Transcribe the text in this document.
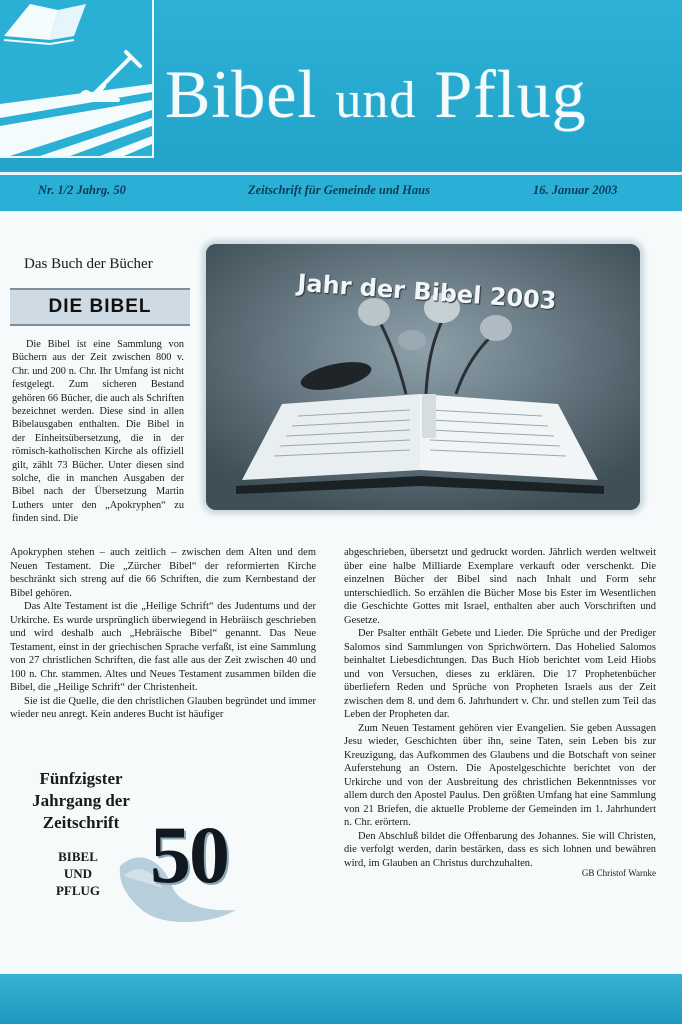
Bibel und Pflug
Nr. 1/2 Jahrg. 50	Zeitschrift für Gemeinde und Haus	16. Januar 2003
Das Buch der Bücher
DIE BIBEL

Die Bibel ist eine Sammlung von Büchern aus der Zeit zwischen 800 v. Chr. und 200 n. Chr. Ihr Umfang ist nicht festgelegt. Zum sicheren Bestand gehören 66 Bücher, die auch als Schriften bezeichnet werden. Diese sind in allen Bibelausgaben enthalten. Die Bibel in der Einheitsübersetzung, die in der römisch-katholischen Kirche als offiziell gilt, zählt 73 Bücher. Unter diesen sind solche, die in manchen Ausgaben der Bibel nach der Übersetzung Martin Luthers unter den „Apokryphen“ zu finden sind. Die

Jahr der Bibel 2003

Apokryphen stehen – auch zeitlich – zwischen dem Alten und dem Neuen Testament. Die „Zürcher Bibel“ der reformierten Kirche beschränkt sich streng auf die 66 Schriften, die zum Kernbestand der Bibel gehören.

Das Alte Testament ist die „Heilige Schrift“ des Judentums und der Urkirche. Es wurde ursprünglich überwiegend in Hebräisch geschrieben und wird deshalb auch „Hebräische Bibel“ genannt. Das Neue Testament, einst in der griechischen Sprache verfaßt, ist eine Sammlung von 27 christlichen Schriften, die fast alle aus der Zeit zwischen 40 und 100 n. Chr. stammen. Altes und Neues Testament zusammen bilden die Bibel, die „Heilige Schrift“ der Christenheit.

Sie ist die Quelle, die den christlichen Glauben begründet und immer wieder neu anregt. Kein anderes Bucht ist häufiger

abgeschrieben, übersetzt und gedruckt worden. Jährlich werden weltweit über eine halbe Milliarde Exemplare verkauft oder verschenkt. Die einzelnen Bücher der Bibel sind nach Inhalt und Form sehr unterschiedlich. So erzählen die Bücher Mose bis Ester im Wesentlichen die Geschichte Gottes mit Israel, enthalten aber auch Vorschriften und Gesetze.

Der Psalter enthält Gebete und Lieder. Die Sprüche und der Prediger Salomos sind Sammlungen von Sprichwörtern. Das Hohelied Salomos beinhaltet Liebesdichtungen. Das Buch Hiob berichtet vom Leid Hiobs und von Versuchen, dieses zu erklären. Die 17 Prophetenbücher überliefern Reden und Sprüche von Propheten Israels aus der Zeit zwischen dem 8. und dem 6. Jahrhundert v. Chr. und stellen zum Teil das Leben der Propheten dar.

Zum Neuen Testament gehören vier Evangelien. Sie geben Aussagen Jesu wieder, Geschichten über ihn, seine Taten, sein Leben bis zur Kreuzigung, das Aufkommen des Glaubens und die Botschaft von seiner Auferstehung an Ostern. Die Apostelgeschichte berichtet von der Urkirche und von der Ausbreitung des christlichen Bekenntnisses vor allem durch den Apostel Paulus. Den größten Umfang hat eine Sammlung von 21 Briefen, die aktuelle Probleme der Gemeinden im 1. Jahrhundert n. Chr. erörtern.

Den Abschluß bildet die Offenbarung des Johannes. Sie will Christen, die verfolgt werden, darin bestärken, dass es sich lohnen und bewähren wird, im Glauben an Christus durchzuhalten.

GB Christof Warnke
Fünfzigster
Jahrgang der
Zeitschrift
BIBEL
UND
PFLUG 50
